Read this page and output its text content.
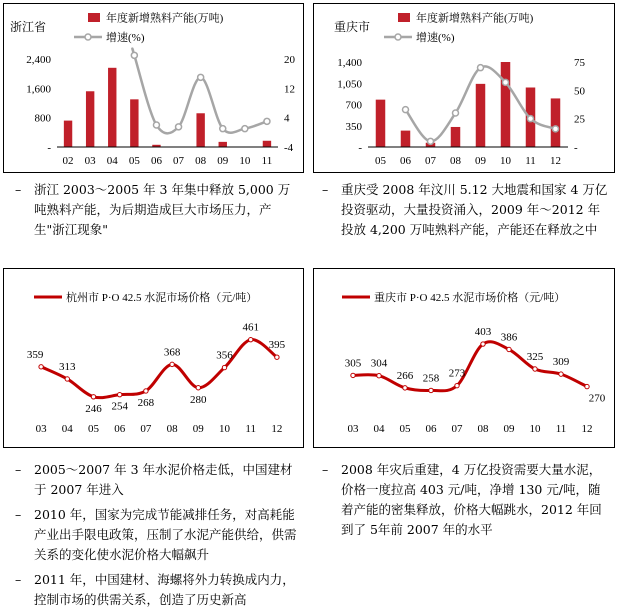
浙江省
年度新增熟料产能(万吨)
增速(%)
2,400
1,600
800
-
20
12
4
-4
02 03 04 05 06 07 08 09 10 11
重庆市
年度新增熟料产能(万吨)
增速(%)
1,400
1,050
700
350
-
75
50
25
-
05 06 07 08 09 10 11 12
– 浙江 2003～2005 年 3 年集中释放 5,000 万吨熟料产能，为后期造成巨大市场压力，产生"浙江现象"
– 重庆受 2008 年汶川 5.12 大地震和国家 4 万亿投资驱动，大量投资涌入，2009 年～2012 年投放 4,200 万吨熟料产能，产能还在释放之中
杭州市 P·O 42.5 水泥市场价格（元/吨）
359
313
246 254 268
368
280
356
461
395
03 04 05 06 07 08 09 10 11 12
重庆市 P·O 42.5 水泥市场价格（元/吨）
305 304
266 258 273
403 386
325 309
270
03 04 05 06 07 08 09 10 11 12
– 2005～2007 年 3 年水泥价格走低，中国建材于 2007 年进入
– 2010 年，国家为完成节能减排任务，对高耗能产业出手限电政策，压制了水泥产能供给，供需关系的变化使水泥价格大幅飙升
– 2011 年，中国建材、海螺将外力转换成内力，控制市场的供需关系，创造了历史新高
– 2008 年灾后重建，4 万亿投资需要大量水泥，价格一度拉高 403 元/吨，净增 130 元/吨，随着产能的密集释放，价格大幅跳水，2012 年回到了 5年前 2007 年的水平
